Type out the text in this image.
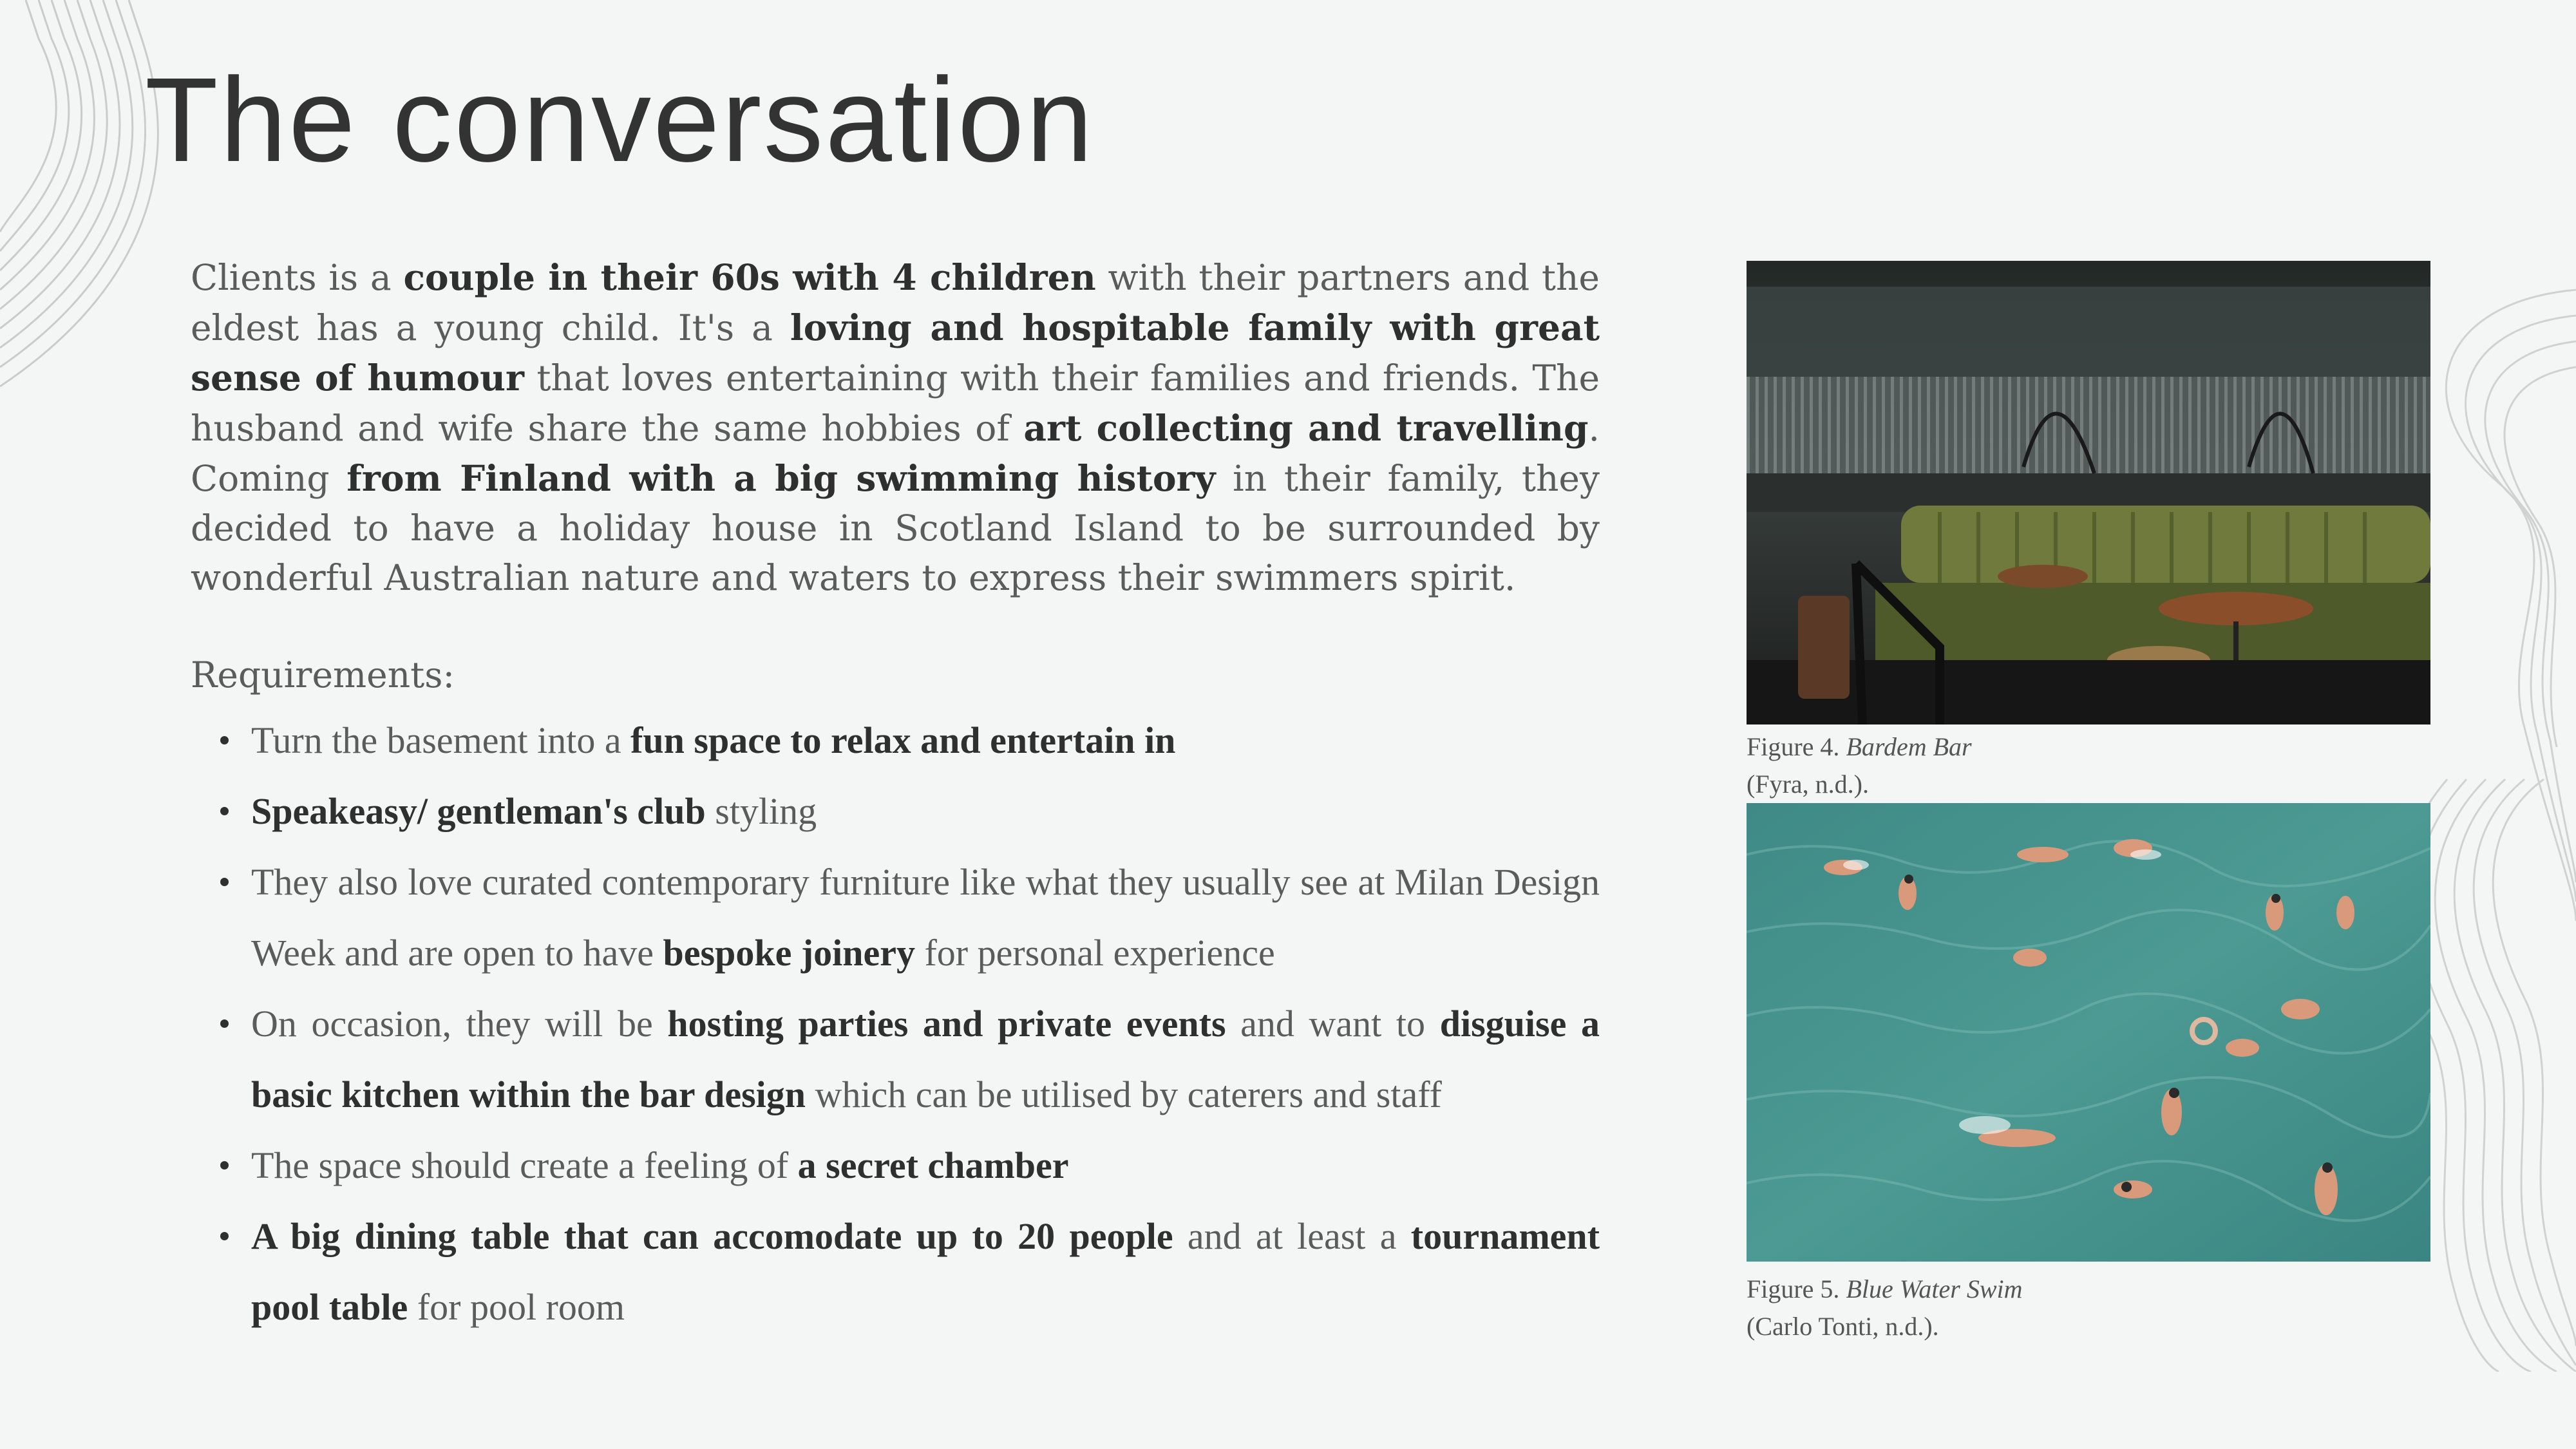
The conversation

Clients is a couple in their 60s with 4 children with their partners and the eldest has a young child. It's a loving and hospitable family with great sense of humour that loves entertaining with their families and friends. The husband and wife share the same hobbies of art collecting and travelling. Coming from Finland with a big swimming history in their family, they decided to have a holiday house in Scotland Island to be surrounded by wonderful Australian nature and waters to express their swimmers spirit.

Requirements:

Turn the basement into a fun space to relax and entertain in
Speakeasy/ gentleman's club styling
They also love curated contemporary furniture like what they usually see at Milan Design Week and are open to have bespoke joinery for personal experience
On occasion, they will be hosting parties and private events and want to disguise a basic kitchen within the bar design which can be utilised by caterers and staff
The space should create a feeling of a secret chamber
A big dining table that can accomodate up to 20 people and at least a tournament pool table for pool room
Figure 4. Bardem Bar
(Fyra, n.d.).
Figure 5. Blue Water Swim
(Carlo Tonti, n.d.).
